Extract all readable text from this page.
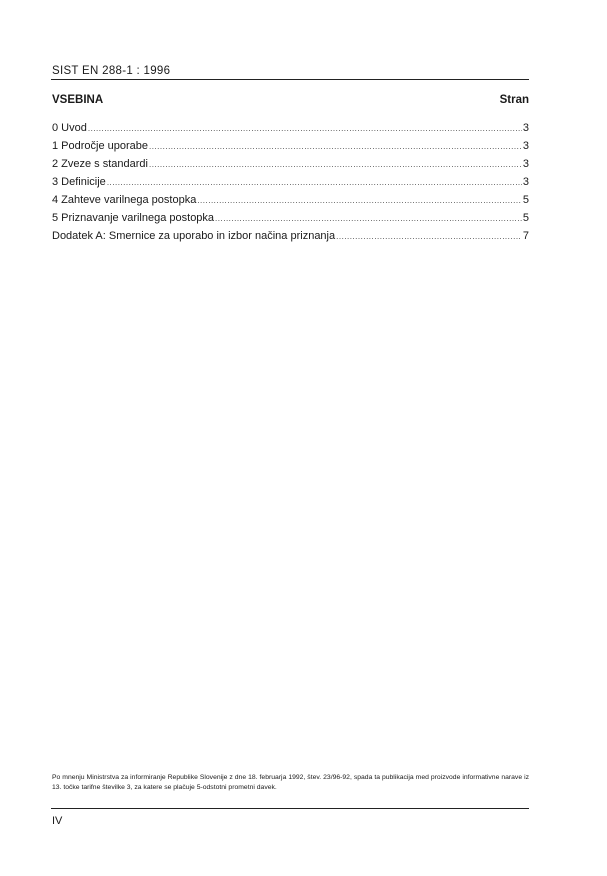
SIST EN 288-1 : 1996
VSEBINA	Stran
0 Uvod .....	3
1 Področje uporabe .....	3
2 Zveze s standardi .....	3
3 Definicije .....	3
4 Zahteve varilnega postopka .....	5
5 Priznavanje varilnega postopka .....	5
Dodatek A: Smernice za uporabo in izbor načina priznanja .....	7
Po mnenju Ministrstva za informiranje Republike Slovenije z dne 18. februarja 1992, štev. 23/96-92, spada ta publikacija med proizvode informativne narave iz 13. točke tarifne številke 3, za katere se plačuje 5-odstotni prometni davek.
IV
